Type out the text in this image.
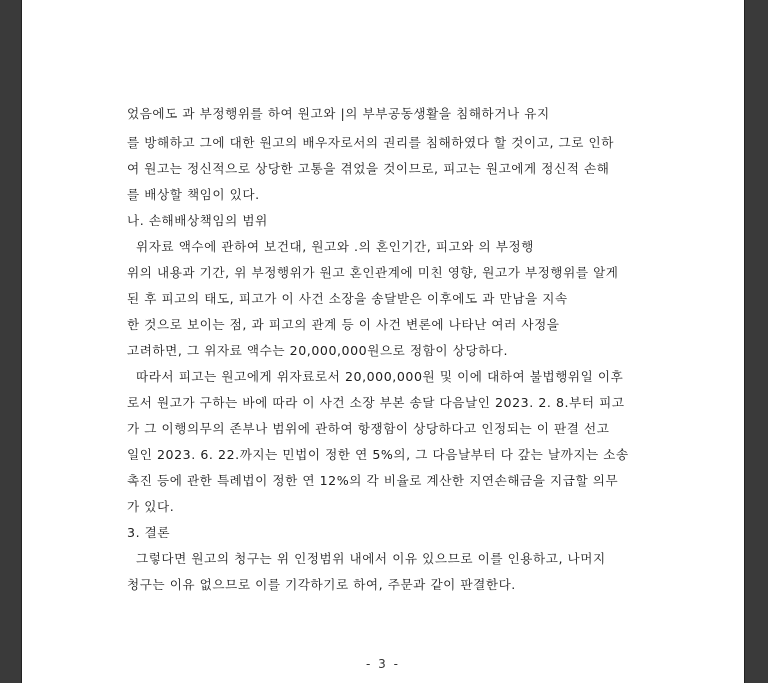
었음에도 과 부정행위를 하여 원고와 |의 부부공동생활을 침해하거나 유지
를 방해하고 그에 대한 원고의 배우자로서의 권리를 침해하였다 할 것이고, 그로 인하
여 원고는 정신적으로 상당한 고통을 겪었을 것이므로, 피고는 원고에게 정신적 손해
를 배상할 책임이 있다.
나. 손해배상책임의 범위
위자료 액수에 관하여 보건대, 원고와 .의 혼인기간, 피고와 의 부정행
위의 내용과 기간, 위 부정행위가 원고 혼인관계에 미친 영향, 원고가 부정행위를 알게
된 후 피고의 태도, 피고가 이 사건 소장을 송달받은 이후에도 과 만남을 지속
한 것으로 보이는 점, 과 피고의 관계 등 이 사건 변론에 나타난 여러 사정을
고려하면, 그 위자료 액수는 20,000,000원으로 정함이 상당하다.
따라서 피고는 원고에게 위자료로서 20,000,000원 및 이에 대하여 불법행위일 이후
로서 원고가 구하는 바에 따라 이 사건 소장 부본 송달 다음날인 2023. 2. 8.부터 피고
가 그 이행의무의 존부나 범위에 관하여 항쟁함이 상당하다고 인정되는 이 판결 선고
일인 2023. 6. 22.까지는 민법이 정한 연 5%의, 그 다음날부터 다 갚는 날까지는 소송
촉진 등에 관한 특례법이 정한 연 12%의 각 비율로 계산한 지연손해금을 지급할 의무
가 있다.
3. 결론
그렇다면 원고의 청구는 위 인정범위 내에서 이유 있으므로 이를 인용하고, 나머지
청구는 이유 없으므로 이를 기각하기로 하여, 주문과 같이 판결한다.
- 3 -
